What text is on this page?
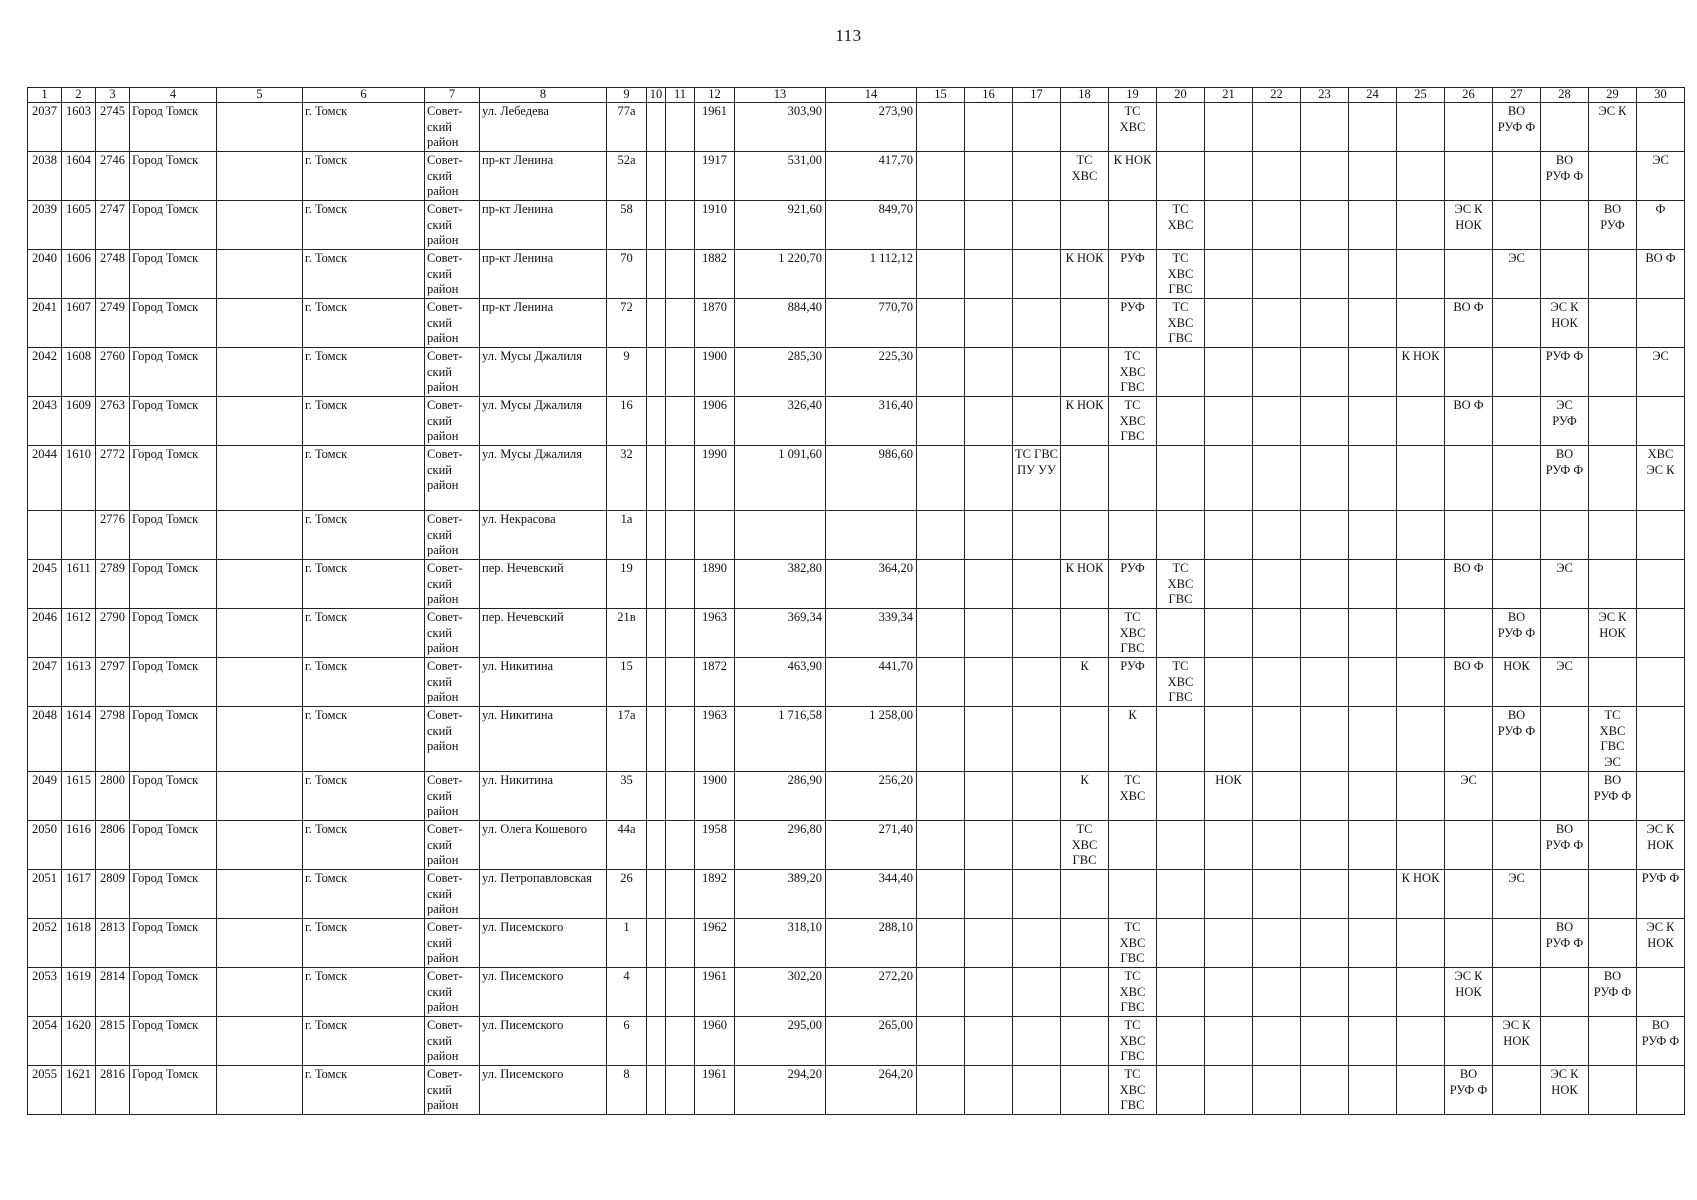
113
1	2	3	4	5	6	7	8	9	10	11	12	13	14	15	16	17	18	19	20	21	22	23	24	25	26	27	28	29	30
2037	1603	2745	Город Томск		г. Томск	Совет-ский район	ул. Лебедева	77а			1961	303,90	273,90					ТС ХВС								ВО РУФ Ф		ЭС К	
2038	1604	2746	Город Томск		г. Томск	Совет-ский район	пр-кт Ленина	52а			1917	531,00	417,70				ТС ХВС	К НОК									ВО РУФ Ф		ЭС
2039	1605	2747	Город Томск		г. Томск	Совет-ский район	пр-кт Ленина	58			1910	921,60	849,70						ТС ХВС						ЭС К НОК			ВО РУФ	Ф
2040	1606	2748	Город Томск		г. Томск	Совет-ский район	пр-кт Ленина	70			1882	1 220,70	1 112,12				К НОК	РУФ	ТС ХВС ГВС							ЭС			ВО Ф
2041	1607	2749	Город Томск		г. Томск	Совет-ский район	пр-кт Ленина	72			1870	884,40	770,70					РУФ	ТС ХВС ГВС						ВО Ф		ЭС К НОК		
2042	1608	2760	Город Томск		г. Томск	Совет-ский район	ул. Мусы Джалиля	9			1900	285,30	225,30					ТС ХВС ГВС						К НОК			РУФ Ф		ЭС
2043	1609	2763	Город Томск		г. Томск	Совет-ский район	ул. Мусы Джалиля	16			1906	326,40	316,40				К НОК	ТС ХВС ГВС							ВО Ф		ЭС РУФ		
2044	1610	2772	Город Томск		г. Томск	Совет-ский район	ул. Мусы Джалиля	32			1990	1 091,60	986,60			ТС ГВС ПУ УУ											ВО РУФ Ф		ХВС ЭС К
		2776	Город Томск		г. Томск	Совет-ский район	ул. Некрасова	1а																					
2045	1611	2789	Город Томск		г. Томск	Совет-ский район	пер. Нечевский	19			1890	382,80	364,20				К НОК	РУФ	ТС ХВС ГВС						ВО Ф		ЭС		
2046	1612	2790	Город Томск		г. Томск	Совет-ский район	пер. Нечевский	21в			1963	369,34	339,34					ТС ХВС ГВС								ВО РУФ Ф		ЭС К НОК	
2047	1613	2797	Город Томск		г. Томск	Совет-ский район	ул. Никитина	15			1872	463,90	441,70				К	РУФ	ТС ХВС ГВС						ВО Ф	НОК	ЭС		
2048	1614	2798	Город Томск		г. Томск	Совет-ский район	ул. Никитина	17а			1963	1 716,58	1 258,00					К								ВО РУФ Ф		ТС ХВС ГВС ЭС	
2049	1615	2800	Город Томск		г. Томск	Совет-ский район	ул. Никитина	35			1900	286,90	256,20				К	ТС ХВС		НОК					ЭС			ВО РУФ Ф	
2050	1616	2806	Город Томск		г. Томск	Совет-ский район	ул. Олега Кошевого	44а			1958	296,80	271,40				ТС ХВС ГВС										ВО РУФ Ф		ЭС К НОК
2051	1617	2809	Город Томск		г. Томск	Совет-ский район	ул. Петропавловская	26			1892	389,20	344,40											К НОК		ЭС			РУФ Ф
2052	1618	2813	Город Томск		г. Томск	Совет-ский район	ул. Писемского	1			1962	318,10	288,10					ТС ХВС ГВС									ВО РУФ Ф		ЭС К НОК
2053	1619	2814	Город Томск		г. Томск	Совет-ский район	ул. Писемского	4			1961	302,20	272,20					ТС ХВС ГВС							ЭС К НОК			ВО РУФ Ф	
2054	1620	2815	Город Томск		г. Томск	Совет-ский район	ул. Писемского	6			1960	295,00	265,00					ТС ХВС ГВС								ЭС К НОК			ВО РУФ Ф
2055	1621	2816	Город Томск		г. Томск	Совет-ский район	ул. Писемского	8			1961	294,20	264,20					ТС ХВС ГВС							ВО РУФ Ф		ЭС К НОК		
